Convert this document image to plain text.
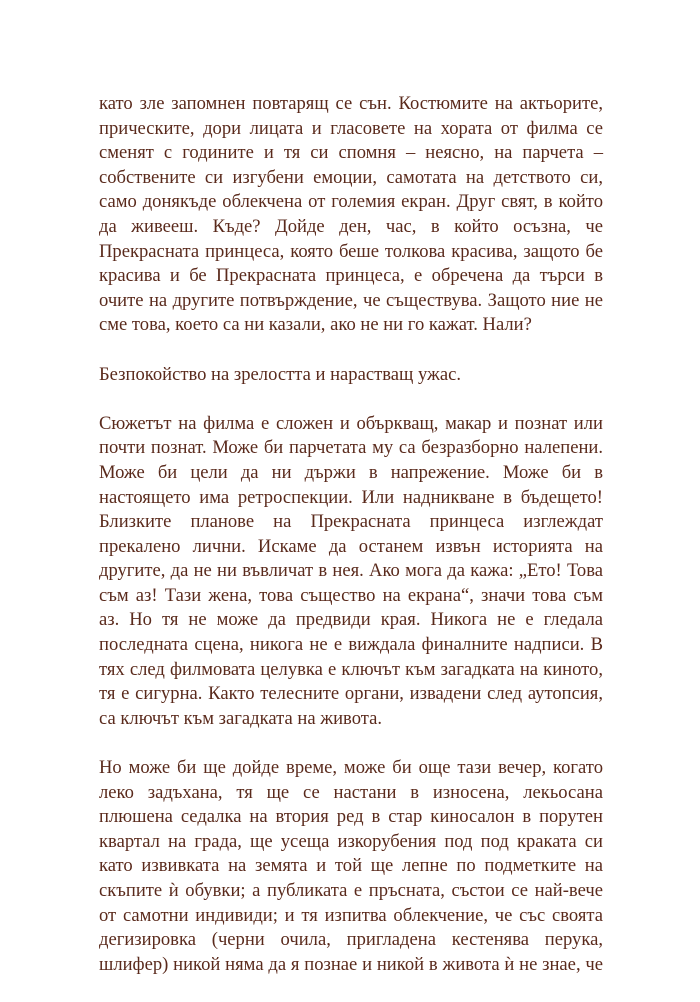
като зле запомнен повтарящ се сън. Костюмите на актьорите,
прическите, дори лицата и гласовете на хората от филма се
сменят с годините и тя си спомня – неясно, на парчета –
собствените си изгубени емоции, самотата на детството си,
само донякъде облекчена от големия екран. Друг свят, в който
да живееш. Къде? Дойде ден, час, в който осъзна, че
Прекрасната принцеса, която беше толкова красива, защото бе
красива и бе Прекрасната принцеса, е обречена да търси в
очите на другите потвърждение, че съществува. Защото ние не
сме това, което са ни казали, ако не ни го кажат. Нали?
Безпокойство на зрелостта и нарастващ ужас.
Сюжетът на филма е сложен и объркващ, макар и познат или
почти познат. Може би парчетата му са безразборно налепени.
Може би цели да ни държи в напрежение. Може би в
настоящето има ретроспекции. Или надникване в бъдещето!
Близките планове на Прекрасната принцеса изглеждат
прекалено лични. Искаме да останем извън историята на
другите, да не ни въвличат в нея. Ако мога да кажа: „Ето! Това
съм аз! Тази жена, това същество на екрана“, значи това съм
аз. Но тя не може да предвиди края. Никога не е гледала
последната сцена, никога не е виждала финалните надписи. В
тях след филмовата целувка е ключът към загадката на киното,
тя е сигурна. Както телесните органи, извадени след аутопсия,
са ключът към загадката на живота.
Но може би ще дойде време, може би още тази вечер, когато
леко задъхана, тя ще се настани в износена, лекьосана
плюшена седалка на втория ред в стар киносалон в порутен
квартал на града, ще усеща изкорубения под под краката си
като извивката на земята и той ще лепне по подметките на
скъпите ѝ обувки; а публиката е пръсната, състои се най-вече
от самотни индивиди; и тя изпитва облекчение, че със своята
дегизировка (черни очила, приглaдена кестенява перука,
шлифер) никой няма да я познае и никой в живота ѝ не знае, че
